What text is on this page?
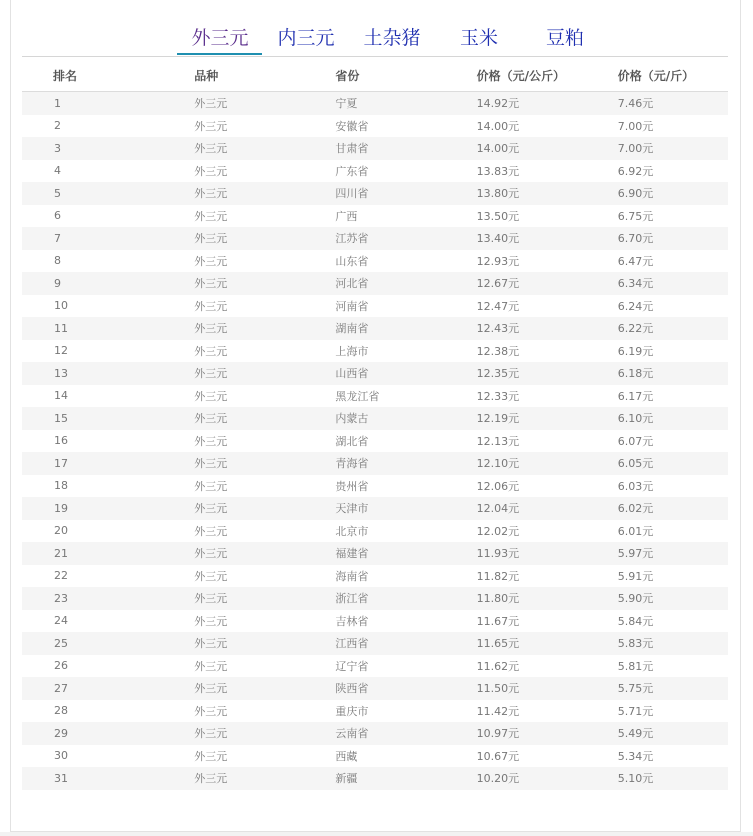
外三元 内三元 土杂猪 玉米	豆粕
排名	品种	省份	价格（元/公斤）	价格（元/斤）
1	外三元	宁夏	14.92元	7.46元
2	外三元	安徽省	14.00元	7.00元
3	外三元	甘肃省	14.00元	7.00元
4	外三元	广东省	13.83元	6.92元
5	外三元	四川省	13.80元	6.90元
6	外三元	广西	13.50元	6.75元
7	外三元	江苏省	13.40元	6.70元
8	外三元	山东省	12.93元	6.47元
9	外三元	河北省	12.67元	6.34元
10	外三元	河南省	12.47元	6.24元
11	外三元	湖南省	12.43元	6.22元
12	外三元	上海市	12.38元	6.19元
13	外三元	山西省	12.35元	6.18元
14	外三元	黑龙江省	12.33元	6.17元
15	外三元	内蒙古	12.19元	6.10元
16	外三元	湖北省	12.13元	6.07元
17	外三元	青海省	12.10元	6.05元
18	外三元	贵州省	12.06元	6.03元
19	外三元	天津市	12.04元	6.02元
20	外三元	北京市	12.02元	6.01元
21	外三元	福建省	11.93元	5.97元
22	外三元	海南省	11.82元	5.91元
23	外三元	浙江省	11.80元	5.90元
24	外三元	吉林省	11.67元	5.84元
25	外三元	江西省	11.65元	5.83元
26	外三元	辽宁省	11.62元	5.81元
27	外三元	陕西省	11.50元	5.75元
28	外三元	重庆市	11.42元	5.71元
29	外三元	云南省	10.97元	5.49元
30	外三元	西藏	10.67元	5.34元
31	外三元	新疆	10.20元	5.10元
